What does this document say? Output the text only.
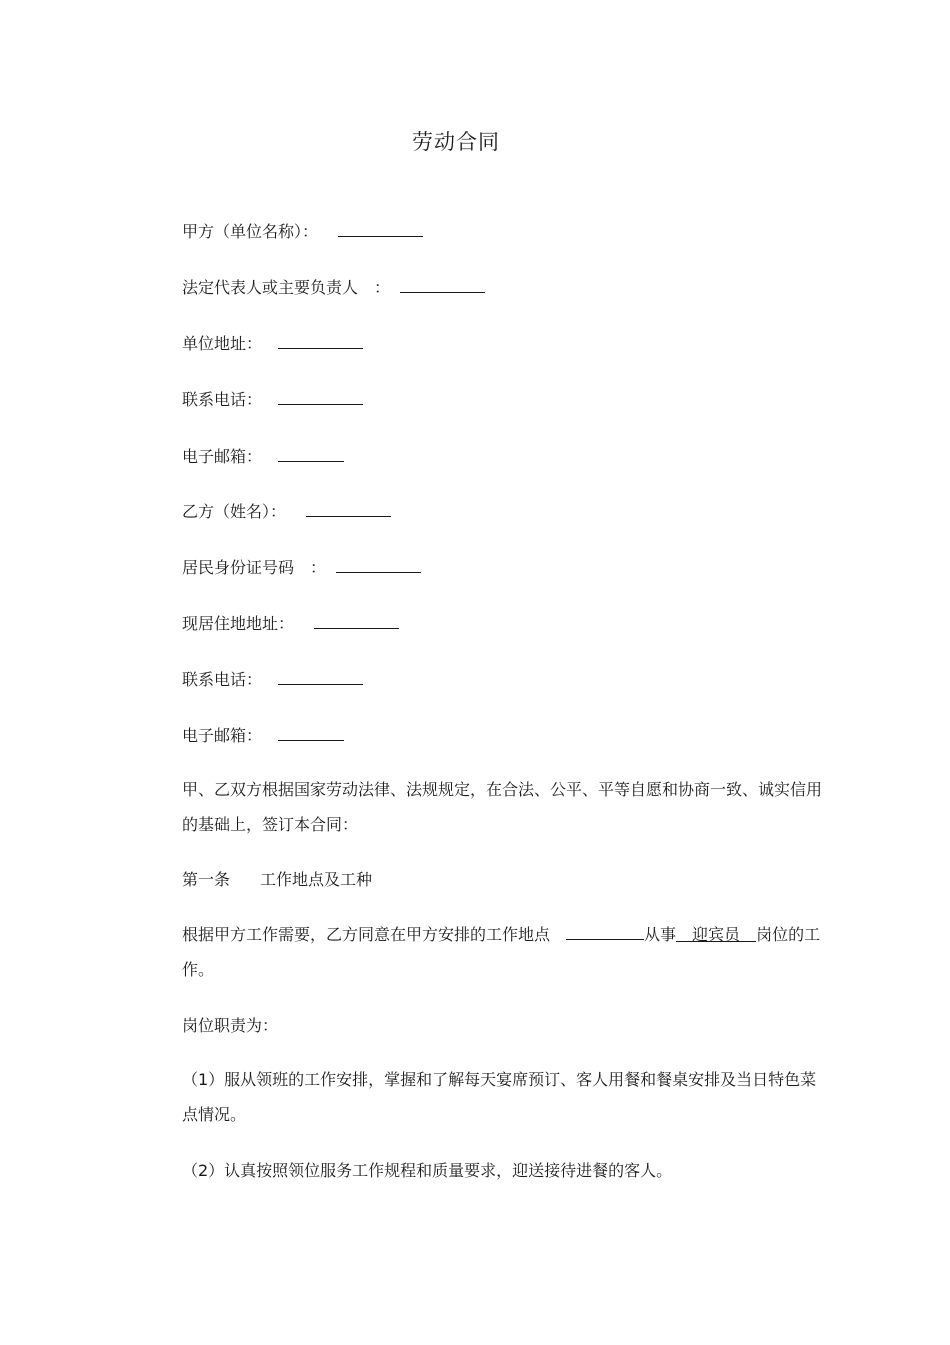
劳动合同
甲方（单位名称）：
法定代表人或主要负责人　：
单位地址：
联系电话：
电子邮箱：
乙方（姓名）：
居民身份证号码　：
现居住地地址：
联系电话：
电子邮箱：
甲、乙双方根据国家劳动法律、法规规定，在合法、公平、平等自愿和协商一致、诚实信用的基础上，签订本合同：
第一条 工作地点及工种
根据甲方工作需要，乙方同意在甲方安排的工作地点	从事　 迎宾员　 岗位的工作。
岗位职责为：
（1）服从领班的工作安排，掌握和了解每天宴席预订、客人用餐和餐桌安排及当日特色菜点情况。
（2）认真按照领位服务工作规程和质量要求，迎送接待进餐的客人。
